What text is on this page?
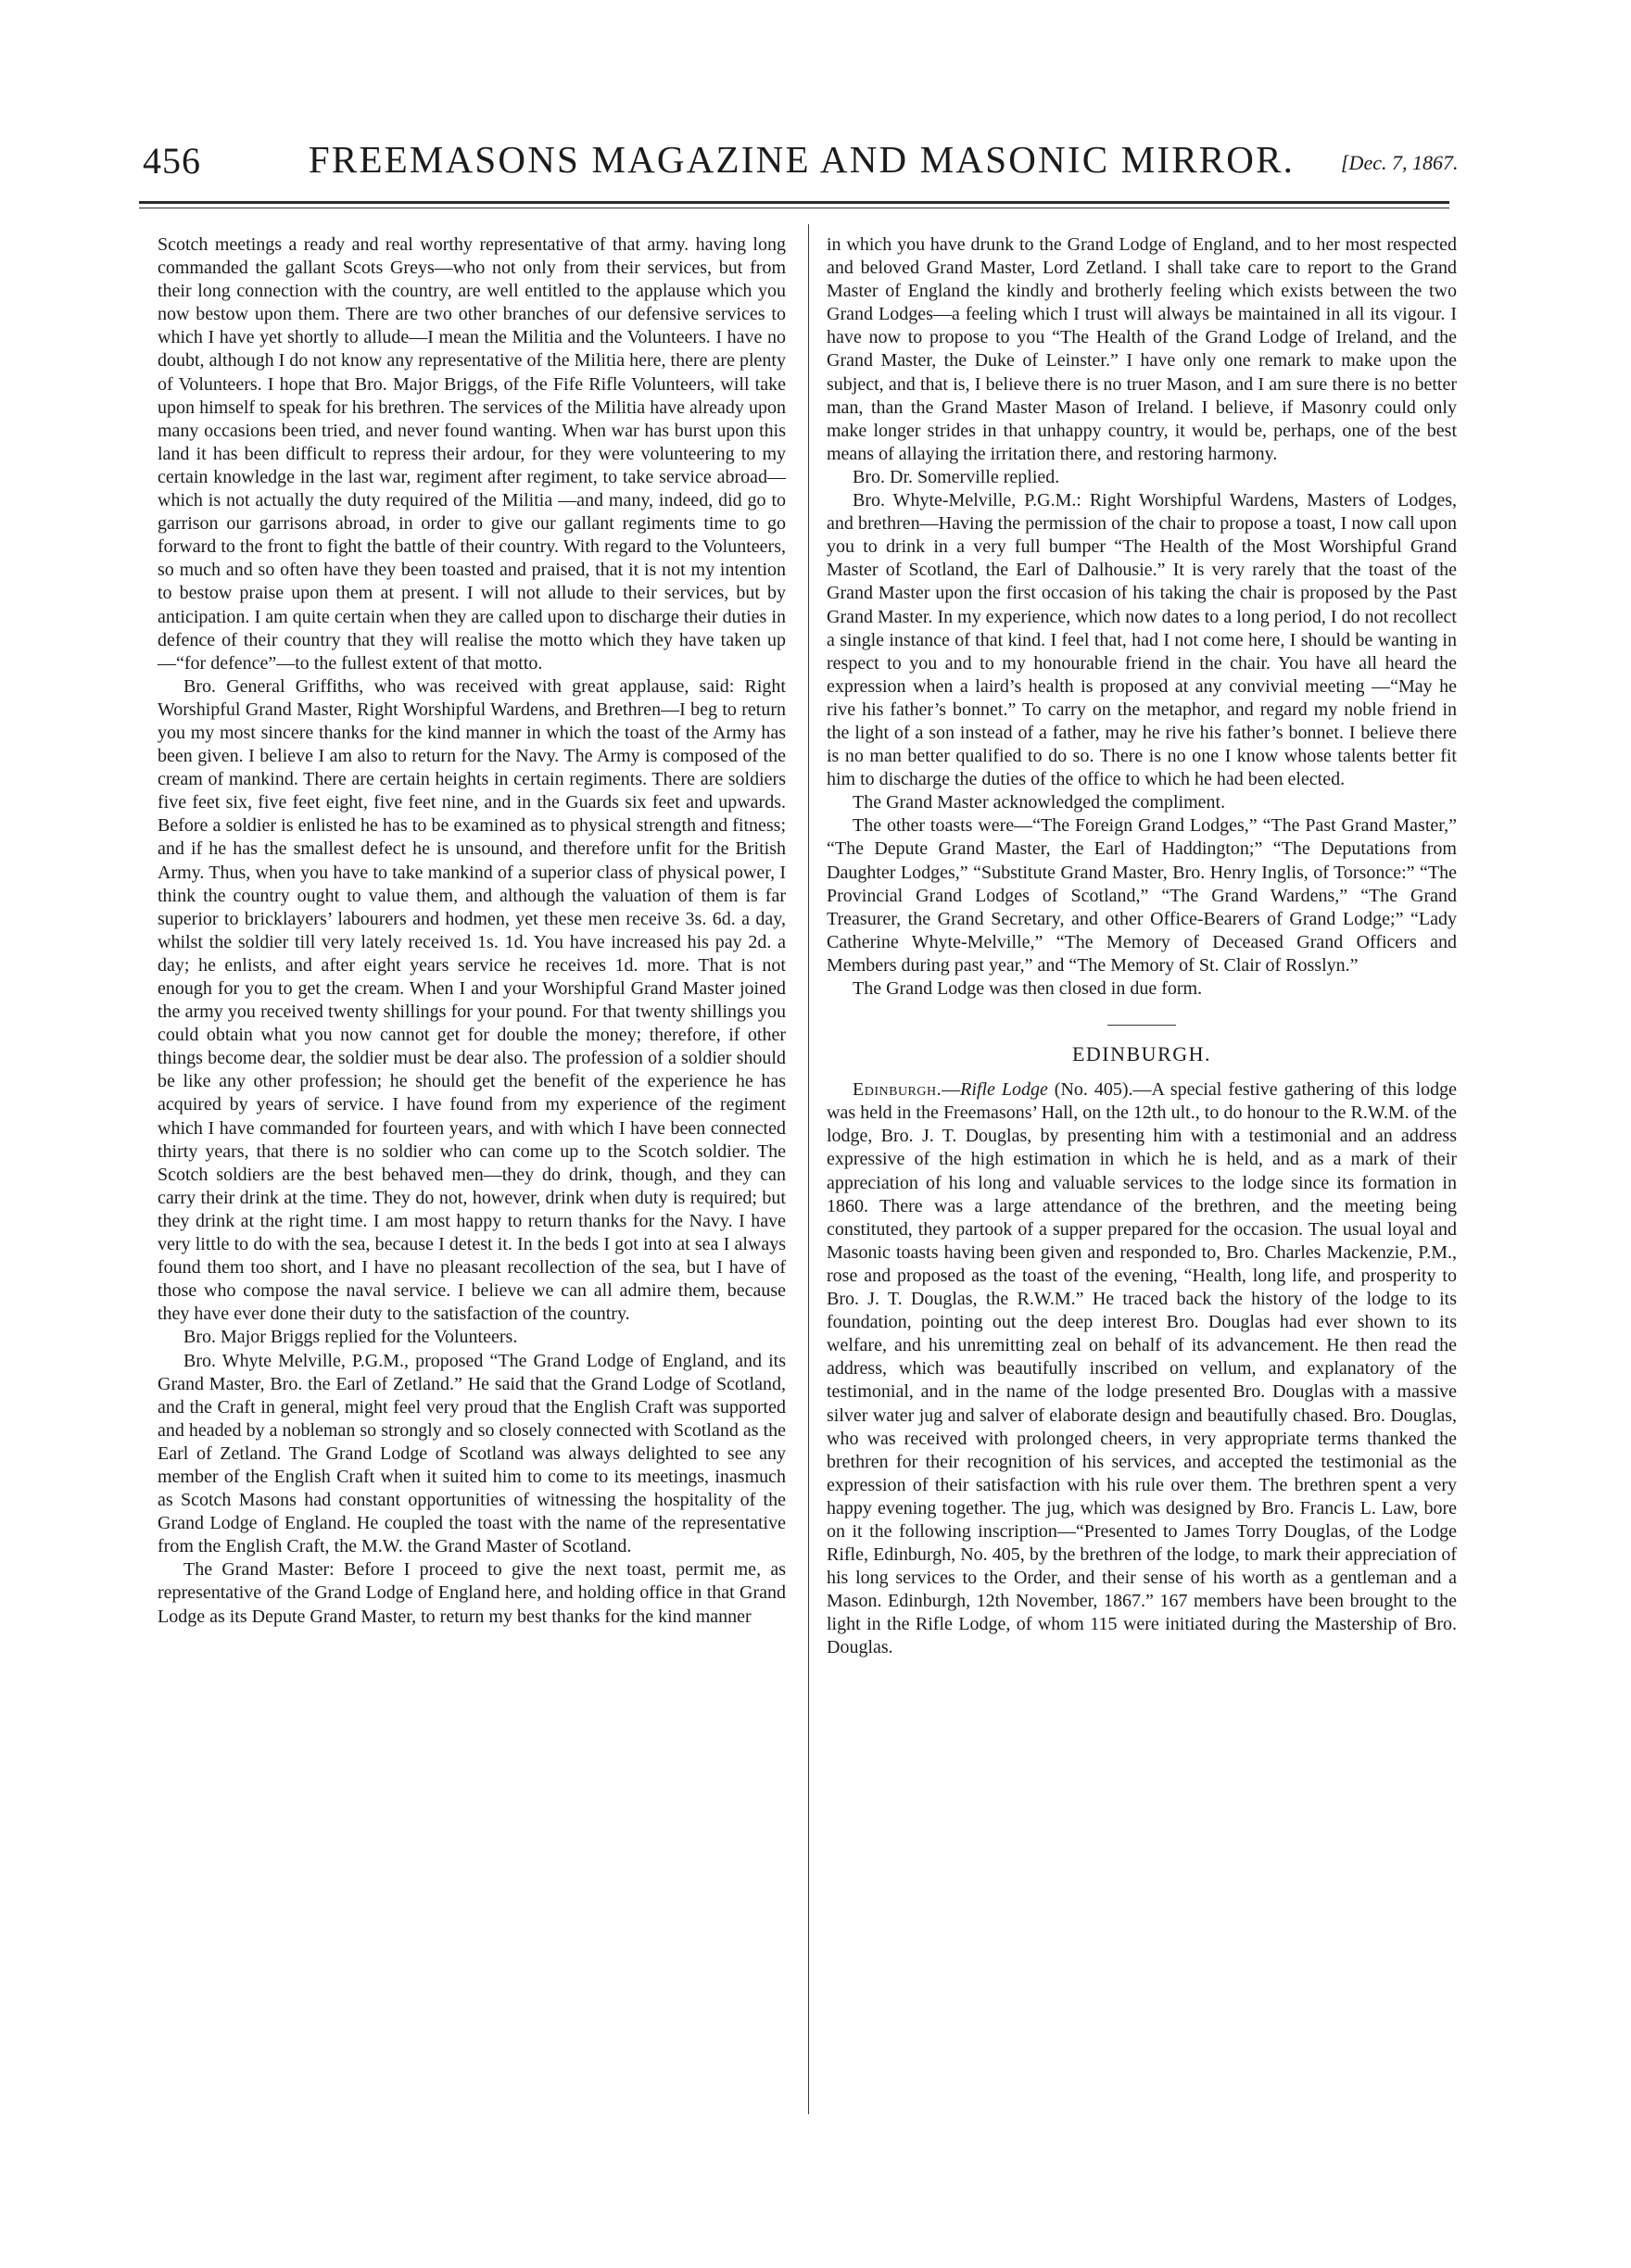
456	FREEMASONS MAGAZINE AND MASONIC MIRROR.	[Dec. 7, 1867.

Scotch meetings a ready and real worthy representative of that army. having long commanded the gallant Scots Greys—who not only from their services, but from their long connection with the country, are well entitled to the applause which you now bestow upon them. There are two other branches of our defensive services to which I have yet shortly to allude—I mean the Militia and the Volunteers. I have no doubt, although I do not know any representative of the Militia here, there are plenty of Volunteers. I hope that Bro. Major Briggs, of the Fife Rifle Volunteers, will take upon himself to speak for his brethren. The services of the Militia have already upon many occasions been tried, and never found wanting. When war has burst upon this land it has been difficult to repress their ardour, for they were volunteering to my certain knowledge in the last war, regiment after regiment, to take service abroad—which is not actually the duty required of the Militia —and many, indeed, did go to garrison our garrisons abroad, in order to give our gallant regiments time to go forward to the front to fight the battle of their country. With regard to the Volunteers, so much and so often have they been toasted and praised, that it is not my intention to bestow praise upon them at present. I will not allude to their services, but by anticipation. I am quite certain when they are called upon to discharge their duties in defence of their country that they will realise the motto which they have taken up—“for defence”—to the fullest extent of that motto.

Bro. General Griffiths, who was received with great applause, said: Right Worshipful Grand Master, Right Worshipful Wardens, and Brethren—I beg to return you my most sincere thanks for the kind manner in which the toast of the Army has been given. I believe I am also to return for the Navy. The Army is composed of the cream of mankind. There are certain heights in certain regiments. There are soldiers five feet six, five feet eight, five feet nine, and in the Guards six feet and upwards. Before a soldier is enlisted he has to be examined as to physical strength and fitness; and if he has the smallest defect he is unsound, and therefore unfit for the British Army. Thus, when you have to take mankind of a superior class of physical power, I think the country ought to value them, and although the valuation of them is far superior to bricklayers’ labourers and hodmen, yet these men receive 3s. 6d. a day, whilst the soldier till very lately received 1s. 1d. You have increased his pay 2d. a day; he enlists, and after eight years service he receives 1d. more. That is not enough for you to get the cream. When I and your Worshipful Grand Master joined the army you received twenty shillings for your pound. For that twenty shillings you could obtain what you now cannot get for double the money; therefore, if other things become dear, the soldier must be dear also. The profession of a soldier should be like any other profession; he should get the benefit of the experience he has acquired by years of service. I have found from my experience of the regiment which I have commanded for fourteen years, and with which I have been connected thirty years, that there is no soldier who can come up to the Scotch soldier. The Scotch soldiers are the best behaved men—they do drink, though, and they can carry their drink at the time. They do not, however, drink when duty is required; but they drink at the right time. I am most happy to return thanks for the Navy. I have very little to do with the sea, because I detest it. In the beds I got into at sea I always found them too short, and I have no pleasant recollection of the sea, but I have of those who compose the naval service. I believe we can all admire them, because they have ever done their duty to the satisfaction of the country.

Bro. Major Briggs replied for the Volunteers.

Bro. Whyte Melville, P.G.M., proposed “The Grand Lodge of England, and its Grand Master, Bro. the Earl of Zetland.” He said that the Grand Lodge of Scotland, and the Craft in general, might feel very proud that the English Craft was supported and headed by a nobleman so strongly and so closely connected with Scotland as the Earl of Zetland. The Grand Lodge of Scotland was always delighted to see any member of the English Craft when it suited him to come to its meetings, inasmuch as Scotch Masons had constant opportunities of witnessing the hospitality of the Grand Lodge of England. He coupled the toast with the name of the representative from the English Craft, the M.W. the Grand Master of Scotland.

The Grand Master: Before I proceed to give the next toast, permit me, as representative of the Grand Lodge of England here, and holding office in that Grand Lodge as its Depute Grand Master, to return my best thanks for the kind manner

in which you have drunk to the Grand Lodge of England, and to her most respected and beloved Grand Master, Lord Zetland. I shall take care to report to the Grand Master of England the kindly and brotherly feeling which exists between the two Grand Lodges—a feeling which I trust will always be maintained in all its vigour. I have now to propose to you “The Health of the Grand Lodge of Ireland, and the Grand Master, the Duke of Leinster.” I have only one remark to make upon the subject, and that is, I believe there is no truer Mason, and I am sure there is no better man, than the Grand Master Mason of Ireland. I believe, if Masonry could only make longer strides in that unhappy country, it would be, perhaps, one of the best means of allaying the irritation there, and restoring harmony.

Bro. Dr. Somerville replied.

Bro. Whyte-Melville, P.G.M.: Right Worshipful Wardens, Masters of Lodges, and brethren—Having the permission of the chair to propose a toast, I now call upon you to drink in a very full bumper “The Health of the Most Worshipful Grand Master of Scotland, the Earl of Dalhousie.” It is very rarely that the toast of the Grand Master upon the first occasion of his taking the chair is proposed by the Past Grand Master. In my experience, which now dates to a long period, I do not recollect a single instance of that kind. I feel that, had I not come here, I should be wanting in respect to you and to my honourable friend in the chair. You have all heard the expression when a laird’s health is proposed at any convivial meeting —“May he rive his father’s bonnet.” To carry on the metaphor, and regard my noble friend in the light of a son instead of a father, may he rive his father’s bonnet. I believe there is no man better qualified to do so. There is no one I know whose talents better fit him to discharge the duties of the office to which he had been elected.

The Grand Master acknowledged the compliment.

The other toasts were—“The Foreign Grand Lodges,” “The Past Grand Master,” “The Depute Grand Master, the Earl of Haddington;” “The Deputations from Daughter Lodges,” “Substitute Grand Master, Bro. Henry Inglis, of Torsonce:” “The Provincial Grand Lodges of Scotland,” “The Grand Wardens,” “The Grand Treasurer, the Grand Secretary, and other Office-Bearers of Grand Lodge;” “Lady Catherine Whyte-Melville,” “The Memory of Deceased Grand Officers and Members during past year,” and “The Memory of St. Clair of Rosslyn.”

The Grand Lodge was then closed in due form.

EDINBURGH.

Edinburgh.—Rifle Lodge (No. 405).—A special festive gathering of this lodge was held in the Freemasons’ Hall, on the 12th ult., to do honour to the R.W.M. of the lodge, Bro. J. T. Douglas, by presenting him with a testimonial and an address expressive of the high estimation in which he is held, and as a mark of their appreciation of his long and valuable services to the lodge since its formation in 1860. There was a large attendance of the brethren, and the meeting being constituted, they partook of a supper prepared for the occasion. The usual loyal and Masonic toasts having been given and responded to, Bro. Charles Mackenzie, P.M., rose and proposed as the toast of the evening, “Health, long life, and prosperity to Bro. J. T. Douglas, the R.W.M.” He traced back the history of the lodge to its foundation, pointing out the deep interest Bro. Douglas had ever shown to its welfare, and his unremitting zeal on behalf of its advancement. He then read the address, which was beautifully inscribed on vellum, and explanatory of the testimonial, and in the name of the lodge presented Bro. Douglas with a massive silver water jug and salver of elaborate design and beautifully chased. Bro. Douglas, who was received with prolonged cheers, in very appropriate terms thanked the brethren for their recognition of his services, and accepted the testimonial as the expression of their satisfaction with his rule over them. The brethren spent a very happy evening together. The jug, which was designed by Bro. Francis L. Law, bore on it the following inscription—“Presented to James Torry Douglas, of the Lodge Rifle, Edinburgh, No. 405, by the brethren of the lodge, to mark their appreciation of his long services to the Order, and their sense of his worth as a gentleman and a Mason. Edinburgh, 12th November, 1867.” 167 members have been brought to the light in the Rifle Lodge, of whom 115 were initiated during the Mastership of Bro. Douglas.
